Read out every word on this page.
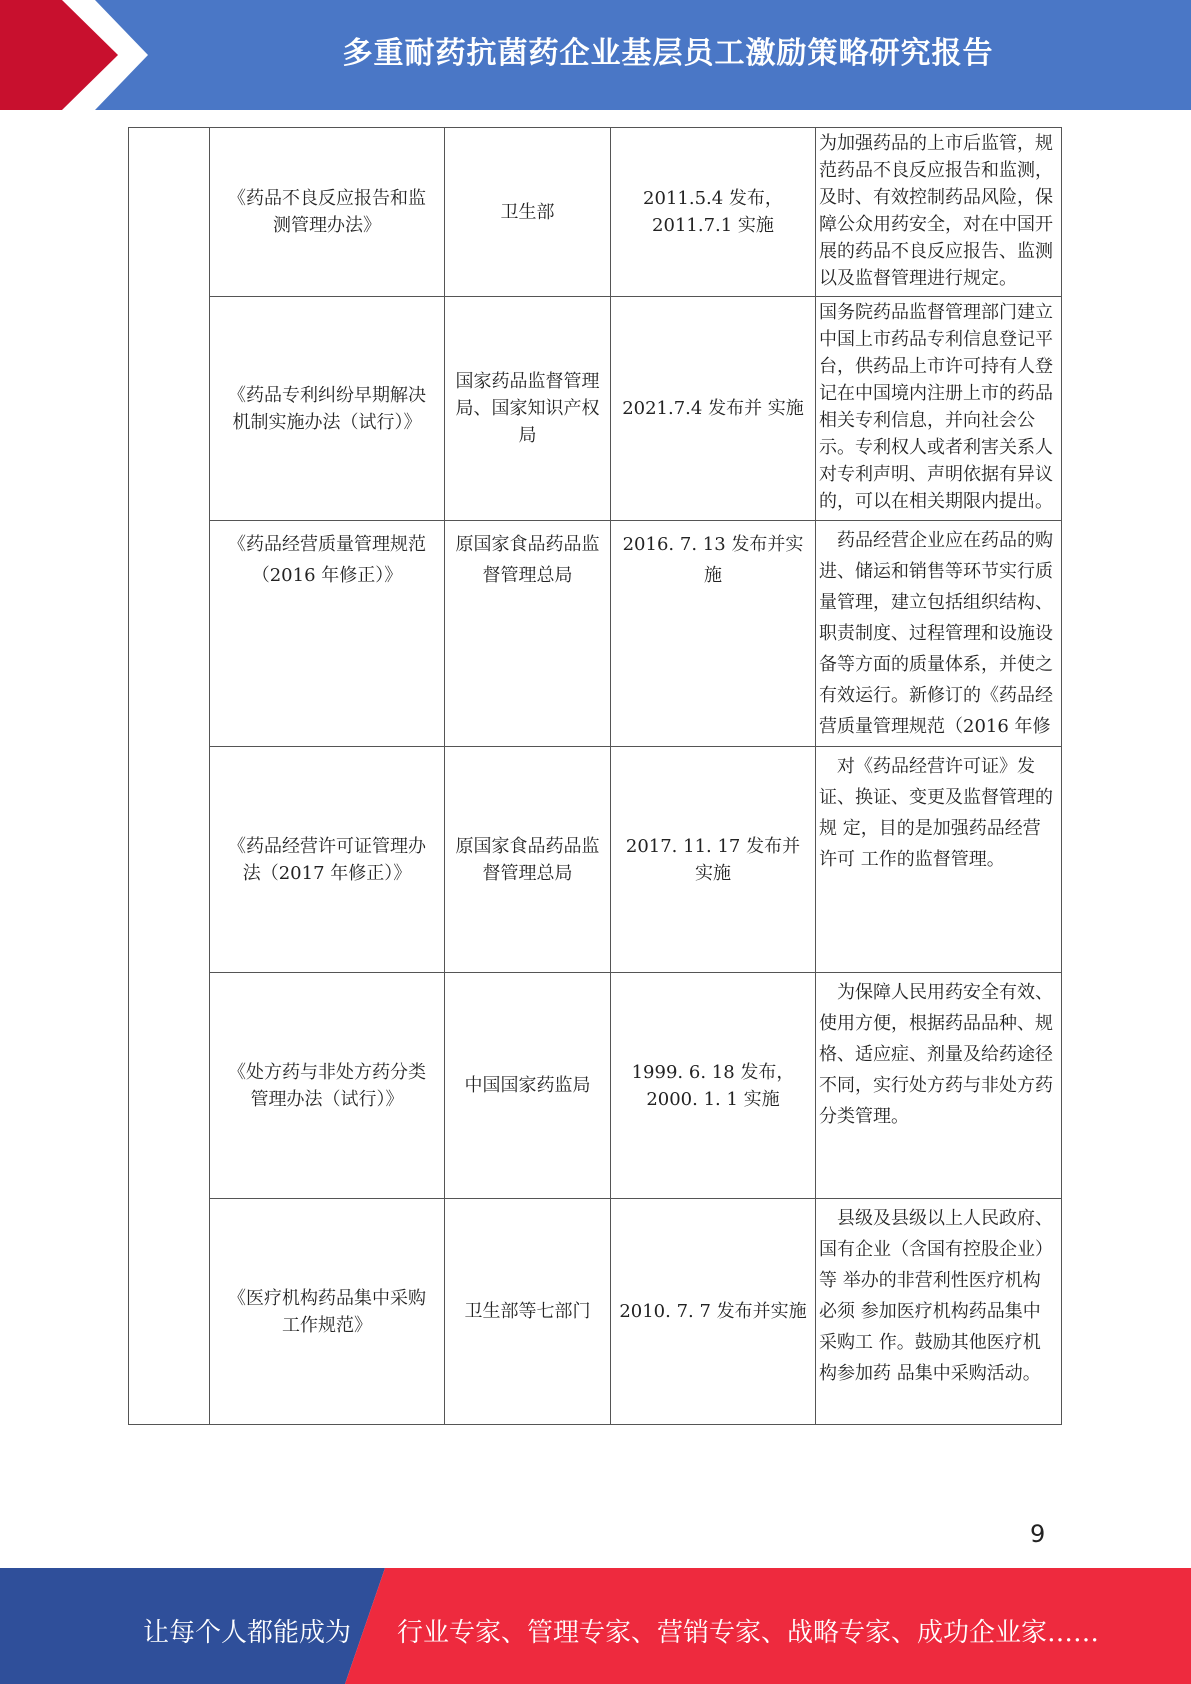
多重耐药抗菌药企业基层员工激励策略研究报告

	《药品不良反应报告和监测管理办法》	卫生部	2011.5.4 发布，2011.7.1 实施	为加强药品的上市后监管，规 范药品不良反应报告和监测， 及时、有效控制药品风险，保 障公众用药安全，对在中国开 展的药品不良反应报告、监测 以及监督管理进行规定。

	《药品专利纠纷早期解决机制实施办法（试行）》	国家药品监督管理局、国家知识产权局	2021.7.4 发布并 实施	国务院药品监督管理部门建立 中国上市药品专利信息登记平 台，供药品上市许可持有人登 记在中国境内注册上市的药品 相关专利信息，并向社会公 示。专利权人或者利害关系人 对专利声明、声明依据有异议 的，可以在相关期限内提出。

	《药品经营质量管理规范（2016 年修正）》	原国家食品药品监督管理总局	2016. 7. 13 发布并实施	　药品经营企业应在药品的购进、储运和销售等环节实行质 量管理，建立包括组织结构、 职责制度、过程管理和设施设 备等方面的质量体系，并使之 有效运行。新修订的《药品经 营质量管理规范（2016 年修

	《药品经营许可证管理办法（2017 年修正）》	原国家食品药品监督管理总局	2017. 11. 17 发布并实施	　对《药品经营许可证》发证、换证、变更及监督管理的规 定，目的是加强药品经营许可 工作的监督管理。

	《处方药与非处方药分类管理办法（试行）》	中国国家药监局	1999. 6. 18 发布，2000. 1. 1 实施	　为保障人民用药安全有效、使用方便，根据药品品种、规 格、适应症、剂量及给药途径 不同，实行处方药与非处方药 分类管理。

	《医疗机构药品集中采购工作规范》	卫生部等七部门	2010. 7. 7 发布并实施	　县级及县级以上人民政府、国有企业（含国有控股企业）等 举办的非营利性医疗机构必须 参加医疗机构药品集中采购工 作。鼓励其他医疗机构参加药 品集中采购活动。
9
让每个人都能成为 行业专家、管理专家、营销专家、战略专家、成功企业家……
